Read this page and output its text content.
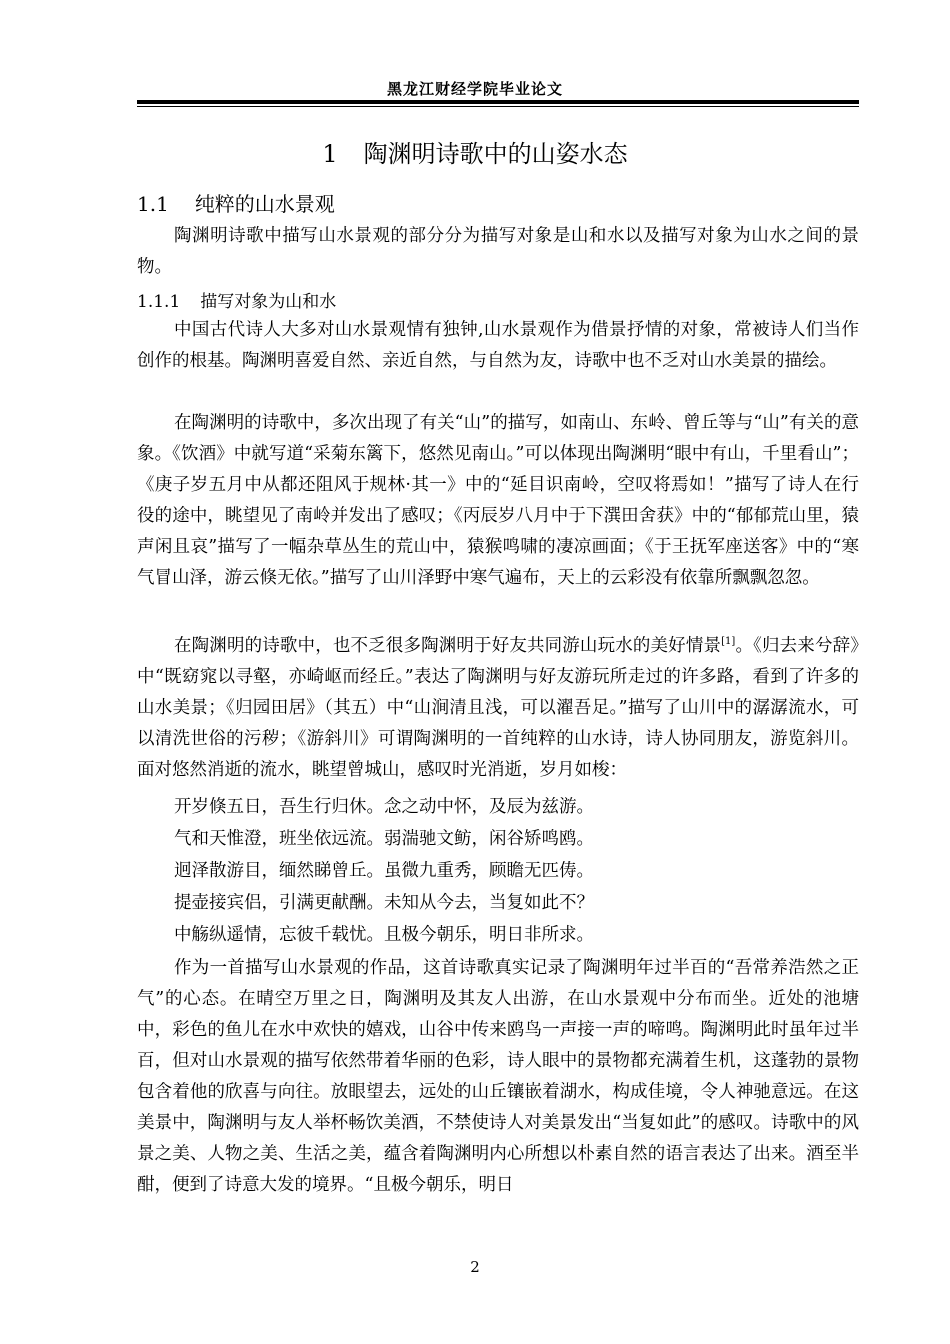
黑龙江财经学院毕业论文
1 陶渊明诗歌中的山姿水态
1.1 纯粹的山水景观

陶渊明诗歌中描写山水景观的部分分为描写对象是山和水以及描写对象为山水之间的景物。

1.1.1 描写对象为山和水

中国古代诗人大多对山水景观情有独钟,山水景观作为借景抒情的对象，常被诗人们当作创作的根基。陶渊明喜爱自然、亲近自然，与自然为友，诗歌中也不乏对山水美景的描绘。

在陶渊明的诗歌中，多次出现了有关“山”的描写，如南山、东岭、曾丘等与“山”有关的意象。《饮酒》中就写道“采菊东篱下，悠然见南山。”可以体现出陶渊明“眼中有山，千里看山”；《庚子岁五月中从都还阻风于规林·其一》中的“延目识南岭，空叹将焉如！”描写了诗人在行役的途中，眺望见了南岭并发出了感叹；《丙辰岁八月中于下潠田舍获》中的“郁郁荒山里，猿声闲且哀”描写了一幅杂草丛生的荒山中，猿猴鸣啸的凄凉画面；《于王抚军座送客》中的“寒气冒山泽，游云倏无依。”描写了山川泽野中寒气遍布，天上的云彩没有依靠所飘飘忽忽。

在陶渊明的诗歌中，也不乏很多陶渊明于好友共同游山玩水的美好情景[1]。《归去来兮辞》中“既窈窕以寻壑，亦崎岖而经丘。”表达了陶渊明与好友游玩所走过的许多路，看到了许多的山水美景；《归园田居》（其五）中“山涧清且浅，可以濯吾足。”描写了山川中的潺潺流水，可以清洗世俗的污秽；《游斜川》可谓陶渊明的一首纯粹的山水诗，诗人协同朋友，游览斜川。面对悠然消逝的流水，眺望曾城山，感叹时光消逝，岁月如梭：

开岁倏五日，吾生行归休。念之动中怀，及辰为兹游。

气和天惟澄，班坐依远流。弱湍驰文鲂，闲谷矫鸣鸥。

迥泽散游目，缅然睇曾丘。虽微九重秀，顾瞻无匹俦。

提壶接宾侣，引满更献酬。未知从今去，当复如此不？

中觞纵遥情，忘彼千载忧。且极今朝乐，明日非所求。

作为一首描写山水景观的作品，这首诗歌真实记录了陶渊明年过半百的“吾常养浩然之正气”的心态。在晴空万里之日，陶渊明及其友人出游，在山水景观中分布而坐。近处的池塘中，彩色的鱼儿在水中欢快的嬉戏，山谷中传来鸥鸟一声接一声的啼鸣。陶渊明此时虽年过半百，但对山水景观的描写依然带着华丽的色彩，诗人眼中的景物都充满着生机，这蓬勃的景物包含着他的欣喜与向往。放眼望去，远处的山丘镶嵌着湖水，构成佳境，令人神驰意远。在这美景中，陶渊明与友人举杯畅饮美酒，不禁使诗人对美景发出“当复如此”的感叹。诗歌中的风景之美、人物之美、生活之美，蕴含着陶渊明内心所想以朴素自然的语言表达了出来。酒至半酣，便到了诗意大发的境界。“且极今朝乐，明日

2
